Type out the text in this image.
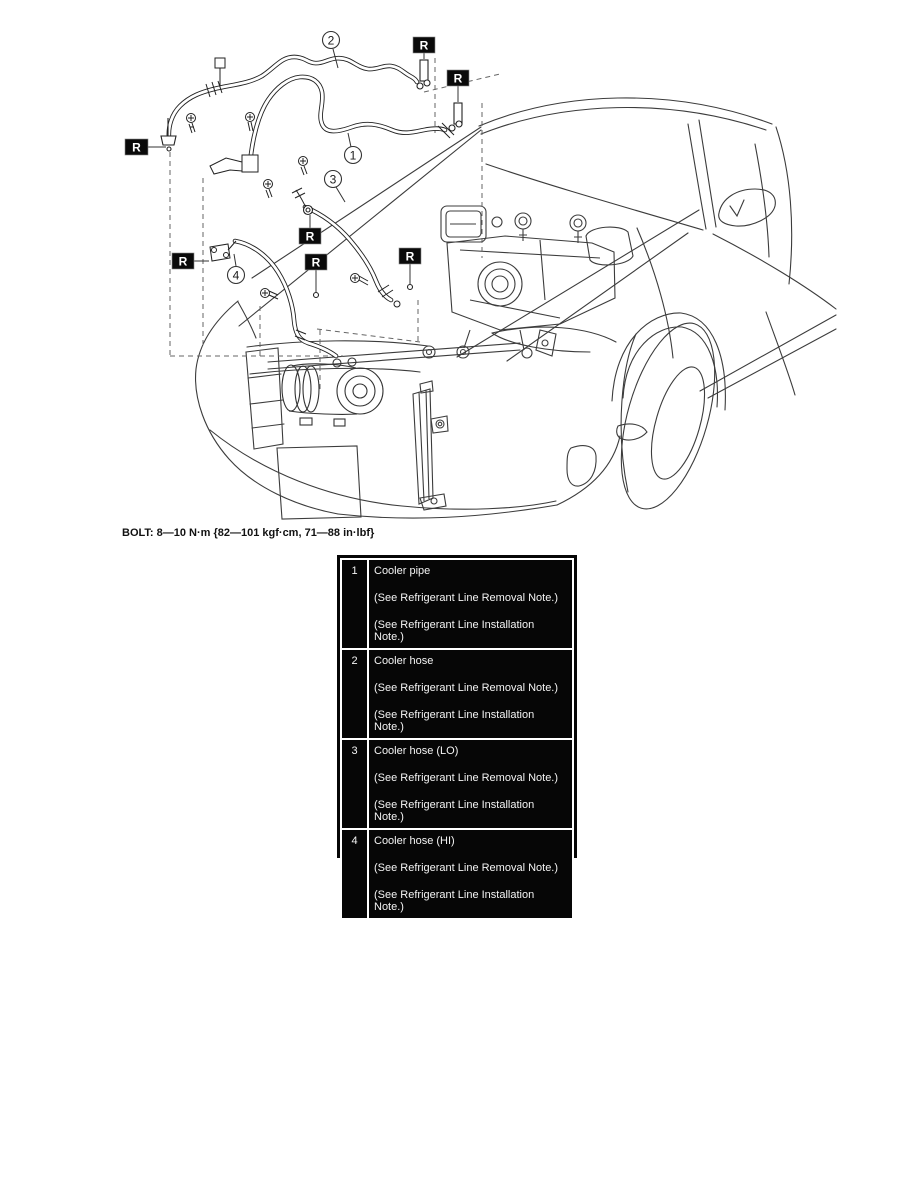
R
R
R
R
R	R	R
2
1
3
4
BOLT: 8—10 N·m {82—101 kgf·cm, 71—88 in·lbf}
1	Cooler pipe
(See Refrigerant Line Removal Note.)
(See Refrigerant Line Installation Note.)

2	Cooler hose
(See Refrigerant Line Removal Note.)
(See Refrigerant Line Installation Note.)

3	Cooler hose (LO)
(See Refrigerant Line Removal Note.)
(See Refrigerant Line Installation Note.)

4	Cooler hose (HI)
(See Refrigerant Line Removal Note.)
(See Refrigerant Line Installation Note.)
